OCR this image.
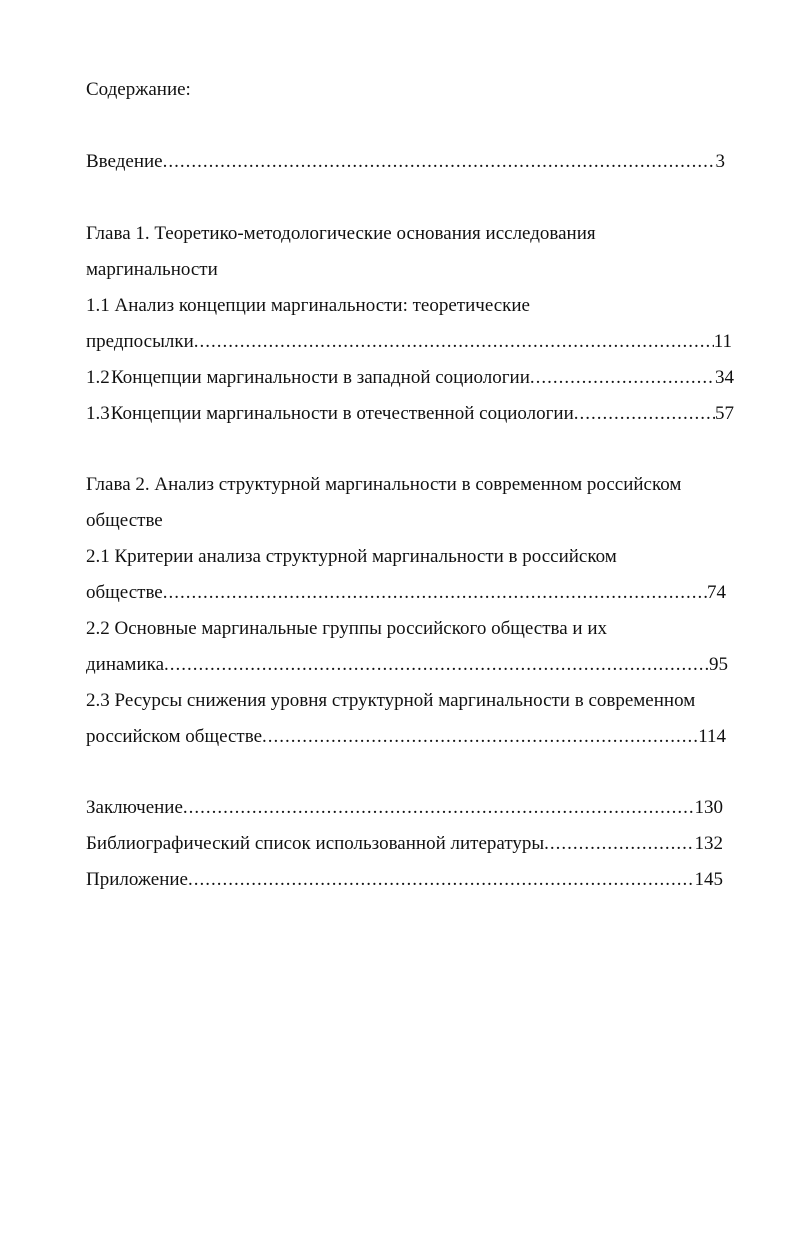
Содержание:
Введение .....	3
Глава 1. Теоретико-методологические основания исследования
маргинальности
1.1 Анализ концепции маргинальности: теоретические
предпосылки .....	11
1.2 Концепции маргинальности в западной социологии .....	34
1.3 Концепции маргинальности в отечественной социологии .....	57
Глава 2. Анализ структурной маргинальности в современном российском
обществе
2.1 Критерии анализа структурной маргинальности в российском
обществе .....	74
2.2 Основные маргинальные группы российского общества и их
динамика .....	95
2.3 Ресурсы снижения уровня структурной маргинальности в современном
российском обществе .....	114
Заключение .....	130
Библиографический список использованной литературы .....	132
Приложение .....	145
